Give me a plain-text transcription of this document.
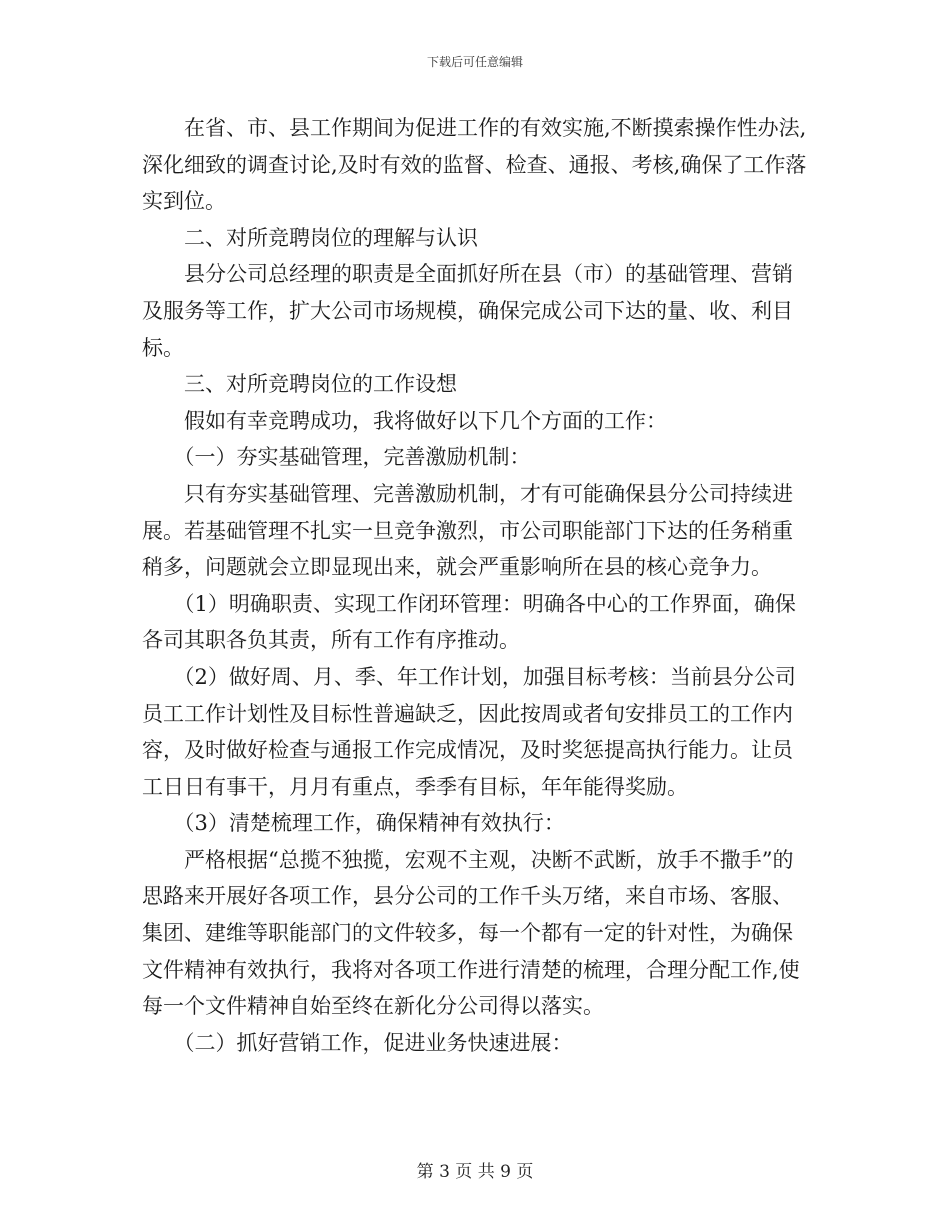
下载后可任意编辑

　　在省、市、县工作期间为促进工作的有效实施,不断摸索操作性办法,深化细致的调查讨论,及时有效的监督、检查、通报、考核,确保了工作落实到位。

　　二、对所竞聘岗位的理解与认识

　　县分公司总经理的职责是全面抓好所在县（市）的基础管理、营销及服务等工作，扩大公司市场规模，确保完成公司下达的量、收、利目标。

　　三、对所竞聘岗位的工作设想

　　假如有幸竞聘成功，我将做好以下几个方面的工作：

　　（一）夯实基础管理，完善激励机制：

　　只有夯实基础管理、完善激励机制，才有可能确保县分公司持续进展。若基础管理不扎实一旦竞争激烈，市公司职能部门下达的任务稍重稍多，问题就会立即显现出来，就会严重影响所在县的核心竞争力。

　　（1）明确职责、实现工作闭环管理：明确各中心的工作界面，确保各司其职各负其责，所有工作有序推动。

　　（2）做好周、月、季、年工作计划，加强目标考核：当前县分公司员工工作计划性及目标性普遍缺乏，因此按周或者旬安排员工的工作内容，及时做好检查与通报工作完成情况，及时奖惩提高执行能力。让员工日日有事干，月月有重点，季季有目标，年年能得奖励。

　　（3）清楚梳理工作，确保精神有效执行：

　　严格根据“总揽不独揽，宏观不主观，决断不武断，放手不撒手”的思路来开展好各项工作，县分公司的工作千头万绪，来自市场、客服、集团、建维等职能部门的文件较多，每一个都有一定的针对性，为确保文件精神有效执行，我将对各项工作进行清楚的梳理，合理分配工作,使每一个文件精神自始至终在新化分公司得以落实。

　　（二）抓好营销工作，促进业务快速进展：

第 3 页 共 9 页
